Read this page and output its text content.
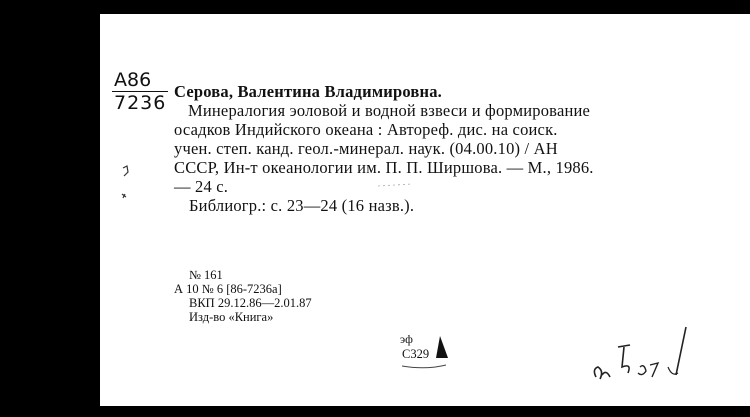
A86
7236
Серова, Валентина Владимировна.
Минералогия эоловой и водной взвеси и формирование
осадков Индийского океана : Автореф. дис. на соиск.
учен. степ. канд. геол.-минерал. наук. (04.00.10) / АН
СССР, Ин-т океанологии им. П. П. Ширшова. — М., 1986.
— 24 с.
Библиогр.: с. 23—24 (16 назв.).
№ 161
А 10 № 6 [86-7236а]
ВКП 29.12.86—2.01.87
Изд-во «Книга»
эф
С329
